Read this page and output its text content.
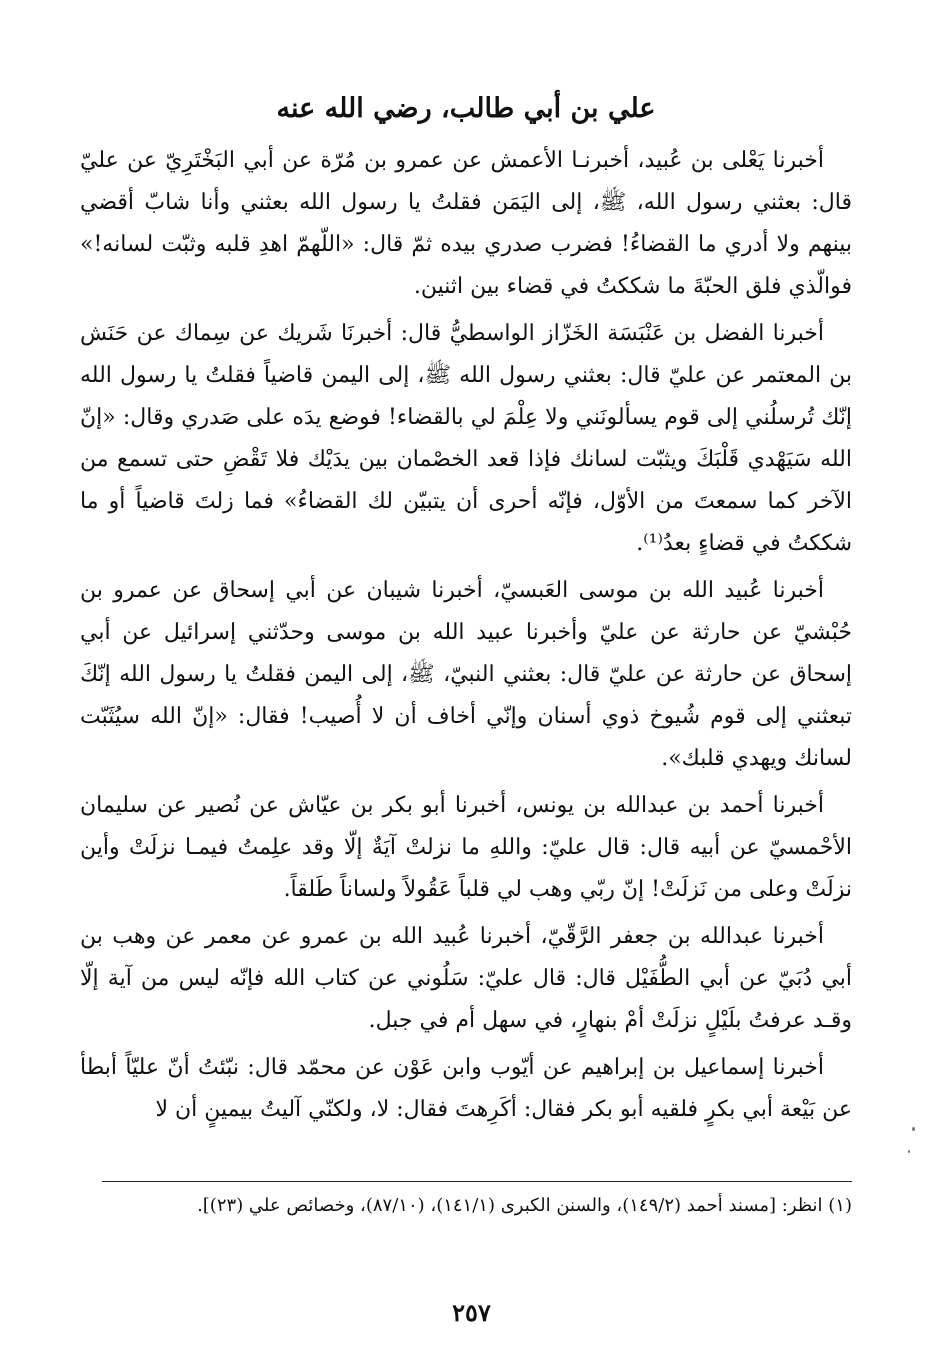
علي بن أبي طالب، رضي الله عنه

أخبرنا يَعْلى بن عُبيد، أخبرنـا الأعمش عن عمرو بن مُرّة عن أبي البَخْتَرِيّ عن عليّ قال: بعثني رسول الله، ﷺ، إلى اليَمَن فقلتُ يا رسول الله بعثني وأنا شابّ أقضي بينهم ولا أدري ما القضاءُ! فضرب صدري بيده ثمّ قال: «اللّهمّ اهدِ قلبه وثبّت لسانه!» فوالّذي فلق الحبّةَ ما شككتُ في قضاء بين اثنين.

أخبرنا الفضل بن عَنْبَسَة الخَزّاز الواسطيُّ قال: أخبرنَا شَريك عن سِماك عن حَنَش بن المعتمر عن عليّ قال: بعثني رسول الله ﷺ، إلى اليمن قاضياً فقلتُ يا رسول الله إنّك تُرسلُني إلى قوم يسألونَني ولا عِلْمَ لي بالقضاء! فوضع يدَه على صَدري وقال: «إنّ الله سَيَهْدي قَلْبَكَ ويثبّت لسانك فإذا قعد الخصْمان بين يدَيْك فلا تَقْضِ حتى تسمع من الآخر كما سمعتَ من الأوّل، فإنّه أحرى أن يتبيّن لك القضاءُ» فما زلتَ قاضياً أو ما شككتُ في قضاءٍ بعدُ⁽¹⁾.

أخبرنا عُبيد الله بن موسى العَبسيّ، أخبرنا شيبان عن أبي إسحاق عن عمرو بن حُبْشيّ عن حارثة عن عليّ وأخبرنا عبيد الله بن موسى وحدّثني إسرائيل عن أبي إسحاق عن حارثة عن عليّ قال: بعثني النبيّ، ﷺ، إلى اليمن فقلتُ يا رسول الله إنّكَ تبعثني إلى قوم شُيوخ ذوي أسنان وإنّي أخاف أن لا أُصيب! فقال: «إنّ الله سيُثَبّت لسانك ويهدي قلبك».

أخبرنا أحمد بن عبدالله بن يونس، أخبرنا أبو بكر بن عيّاش عن نُصير عن سليمان الأحْمسيّ عن أبيه قال: قال عليّ: واللهِ ما نزلتْ آيَةٌ إلّا وقد علِمتُ فيمـا نزلَتْ وأين نزلَتْ وعلى من نَزلَتْ! إنّ ربّي وهب لي قلباً عَقُولاً ولساناً طَلقاً.

أخبرنا عبدالله بن جعفر الرَّقّيّ، أخبرنا عُبيد الله بن عمرو عن معمر عن وهب بن أبي دُبَيّ عن أبي الطُّفَيْل قال: قال عليّ: سَلُوني عن كتاب الله فإنّه ليس من آية إلّا وقـد عرفتُ بلَيْلٍ نزلَتْ أمْ بنهارٍ، في سهل أم في جبل.

أخبرنا إسماعيل بن إبراهيم عن أيّوب وابن عَوْن عن محمّد قال: نبّئتُ أنّ عليّاً أبطأ عن بَيْعة أبي بكرٍ فلقيه أبو بكر فقال: أكَرِهتَ فقال: لا، ولكنّي آليتُ بيمينٍ أن لا

(١) انظر: [مسند أحمد (١٤٩/٢)، والسنن الكبرى (١٤١/١)، (٨٧/١٠)، وخصائص علي (٢٣)].
٢٥٧
